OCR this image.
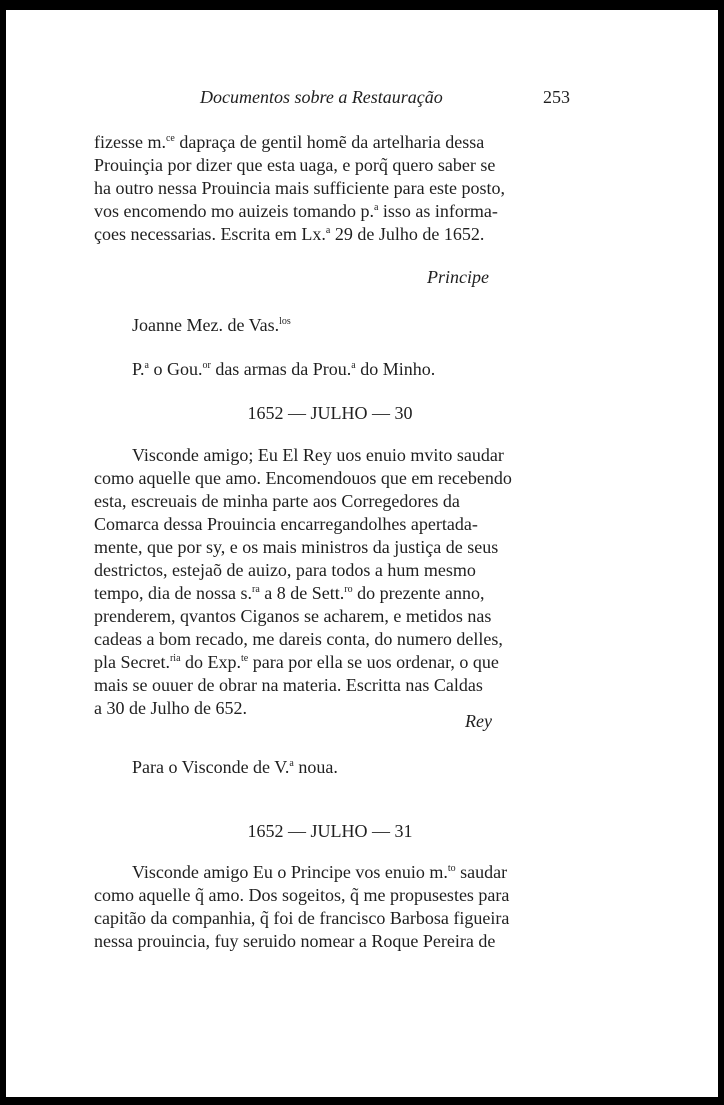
Documentos sobre a Restauração	253

fizesse m.$^{ce}$ dapraça de gentil homẽ da artelharia dessa
Prouinçia por dizer que esta uaga, e porq̃ quero saber se
ha outro nessa Prouincia mais sufficiente para este posto,
vos encomendo mo auizeis tomando p.$^a$ isso as informa-
çoes necessarias. Escrita em Lx.$^a$ 29 de Julho de 1652.

Principe
Joanne Mez. de Vas.$^{los}$
P.$^a$ o Gou.$^{or}$ das armas da Prou.$^a$ do Minho.
1652 — JULHO — 30

Visconde amigo; Eu El Rey uos enuio mvito saudar
como aquelle que amo. Encomendouos que em recebendo
esta, escreuais de minha parte aos Corregedores da
Comarca dessa Prouincia encarregandolhes apertada-
mente, que por sy, e os mais ministros da justiça de seus
destrictos, estejaõ de auizo, para todos a hum mesmo
tempo, dia de nossa s.$^{ra}$ a 8 de Sett.$^{ro}$ do prezente anno,
prenderem, qvantos Ciganos se acharem, e metidos nas
cadeas a bom recado, me dareis conta, do numero delles,
pla Secret.$^{ria}$ do Exp.$^{te}$ para por ella se uos ordenar, o que
mais se ouuer de obrar na materia. Escritta nas Caldas
a 30 de Julho de 652.

Rey
Para o Visconde de V.$^a$ noua.
1652 — JULHO — 31

Visconde amigo Eu o Principe vos enuio m.$^{to}$ saudar
como aquelle q̃ amo. Dos sogeitos, q̃ me propusestes para
capitão da companhia, q̃ foi de francisco Barbosa figueira
nessa prouincia, fuy seruido nomear a Roque Pereira de
